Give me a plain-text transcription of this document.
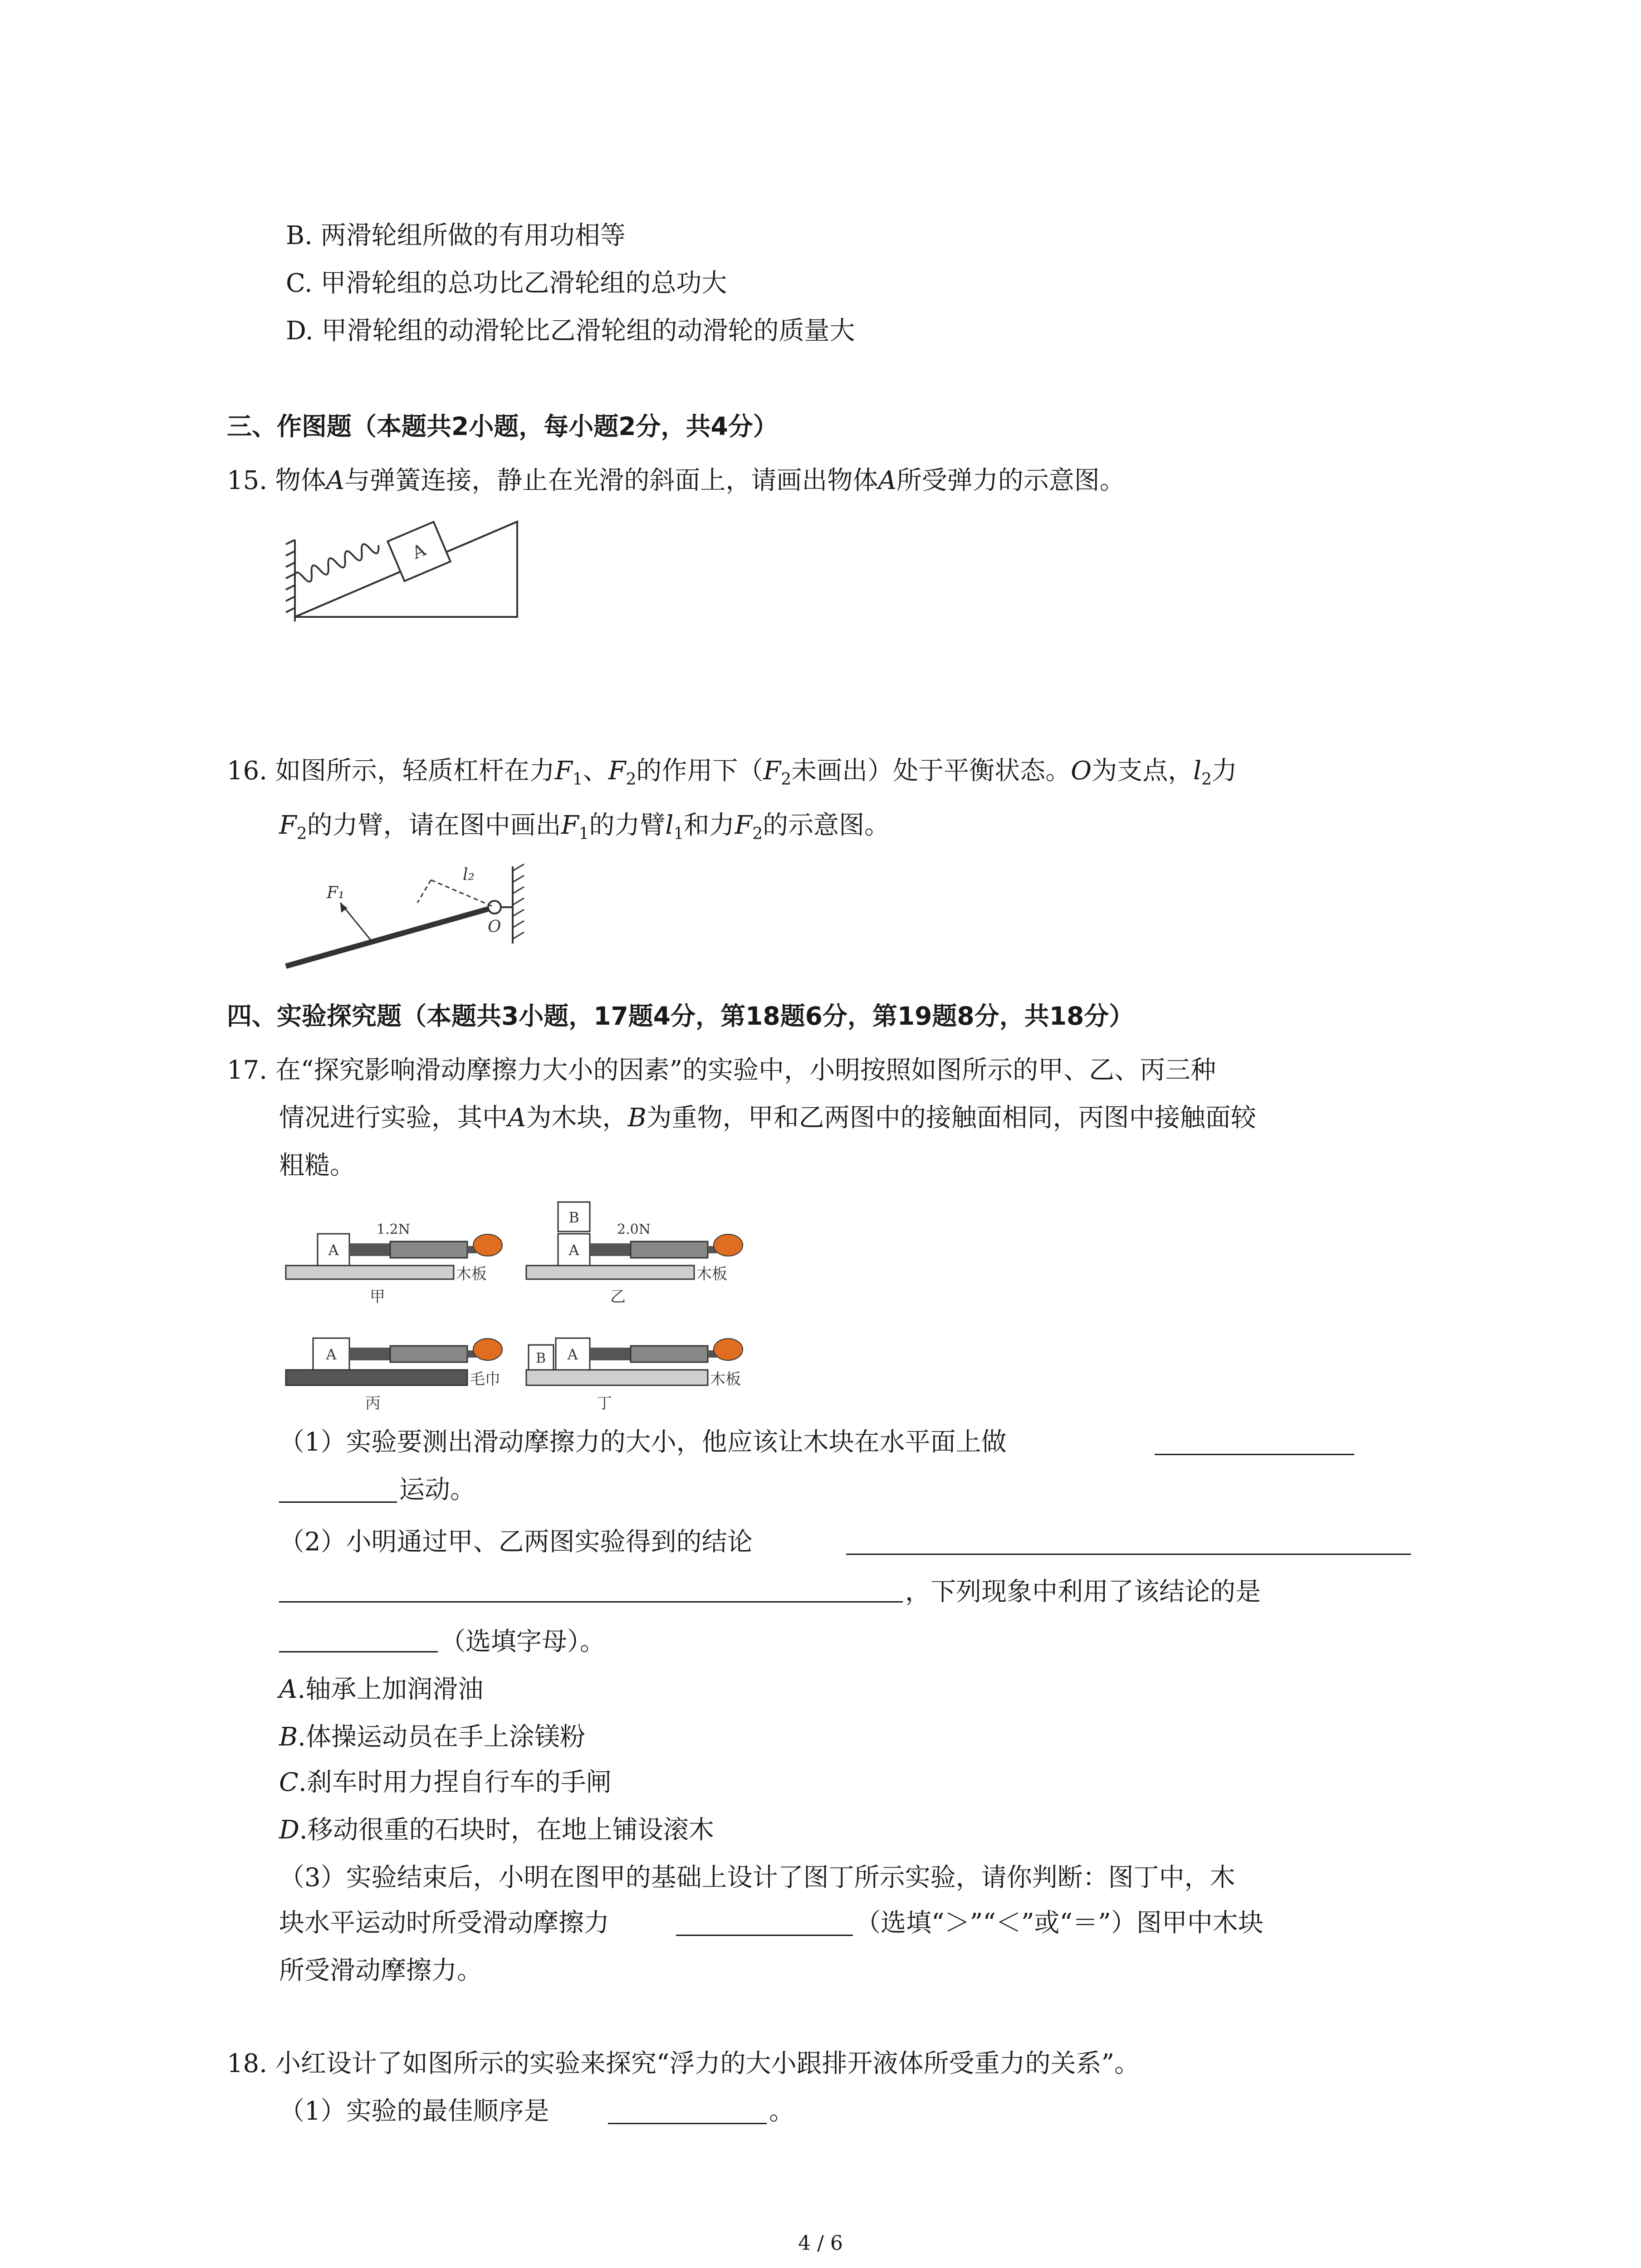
B. 两滑轮组所做的有用功相等
C. 甲滑轮组的总功比乙滑轮组的总功大
D. 甲滑轮组的动滑轮比乙滑轮组的动滑轮的质量大
三、作图题（本题共2小题，每小题2分，共4分）
15. 物体A与弹簧连接，静止在光滑的斜面上，请画出物体A所受弹力的示意图。
A
16. 如图所示，轻质杠杆在力$F_1$、$F_2$的作用下（$F_2$未画出）处于平衡状态。O为支点，$l_2$力
$F_2$的力臂，请在图中画出$F_1$的力臂$l_1$和力$F_2$的示意图。
F₁
l₂
O
四、实验探究题（本题共3小题，17题4分，第18题6分，第19题8分，共18分）
17. 在“探究影响滑动摩擦力大小的因素”的实验中，小明按照如图所示的甲、乙、丙三种
情况进行实验，其中A为木块，B为重物，甲和乙两图中的接触面相同，丙图中接触面较
粗糙。
A
1.2N
木板
甲
B
A
2.0N
木板
乙
A
毛巾
丙
B A
木板
丁
（1）实验要测出滑动摩擦力的大小，他应该让木块在水平面上做
运动。
（2）小明通过甲、乙两图实验得到的结论
，下列现象中利用了该结论的是
（选填字母）。
A.轴承上加润滑油
B.体操运动员在手上涂镁粉
C.刹车时用力捏自行车的手闸
D.移动很重的石块时，在地上铺设滚木
（3）实验结束后，小明在图甲的基础上设计了图丁所示实验，请你判断：图丁中，木
块水平运动时所受滑动摩擦力	（选填“＞”“＜”或“＝”）图甲中木块
所受滑动摩擦力。
18. 小红设计了如图所示的实验来探究“浮力的大小跟排开液体所受重力的关系”。
（1）实验的最佳顺序是	。
4 / 6
